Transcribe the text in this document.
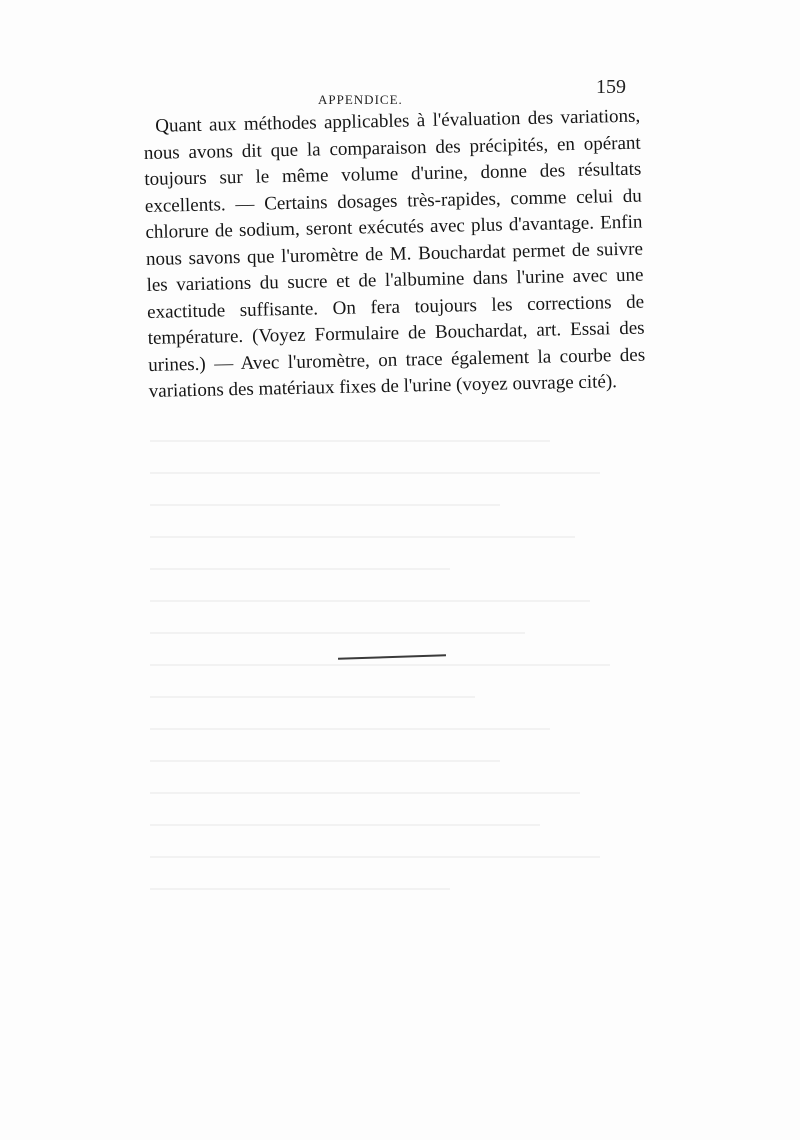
APPENDICE.
159

Quant aux méthodes applicables à l'évaluation des variations, nous avons dit que la comparaison des précipités, en opérant toujours sur le même volume d'urine, donne des résultats excellents. — Certains dosages très-rapides, comme celui du chlorure de sodium, seront exécutés avec plus d'avantage. Enfin nous savons que l'uromètre de M. Bouchardat permet de suivre les variations du sucre et de l'albumine dans l'urine avec une exactitude suffisante. On fera toujours les corrections de température. (Voyez Formulaire de Bouchardat, art. Essai des urines.) — Avec l'uromètre, on trace également la courbe des variations des matériaux fixes de l'urine (voyez ouvrage cité).
